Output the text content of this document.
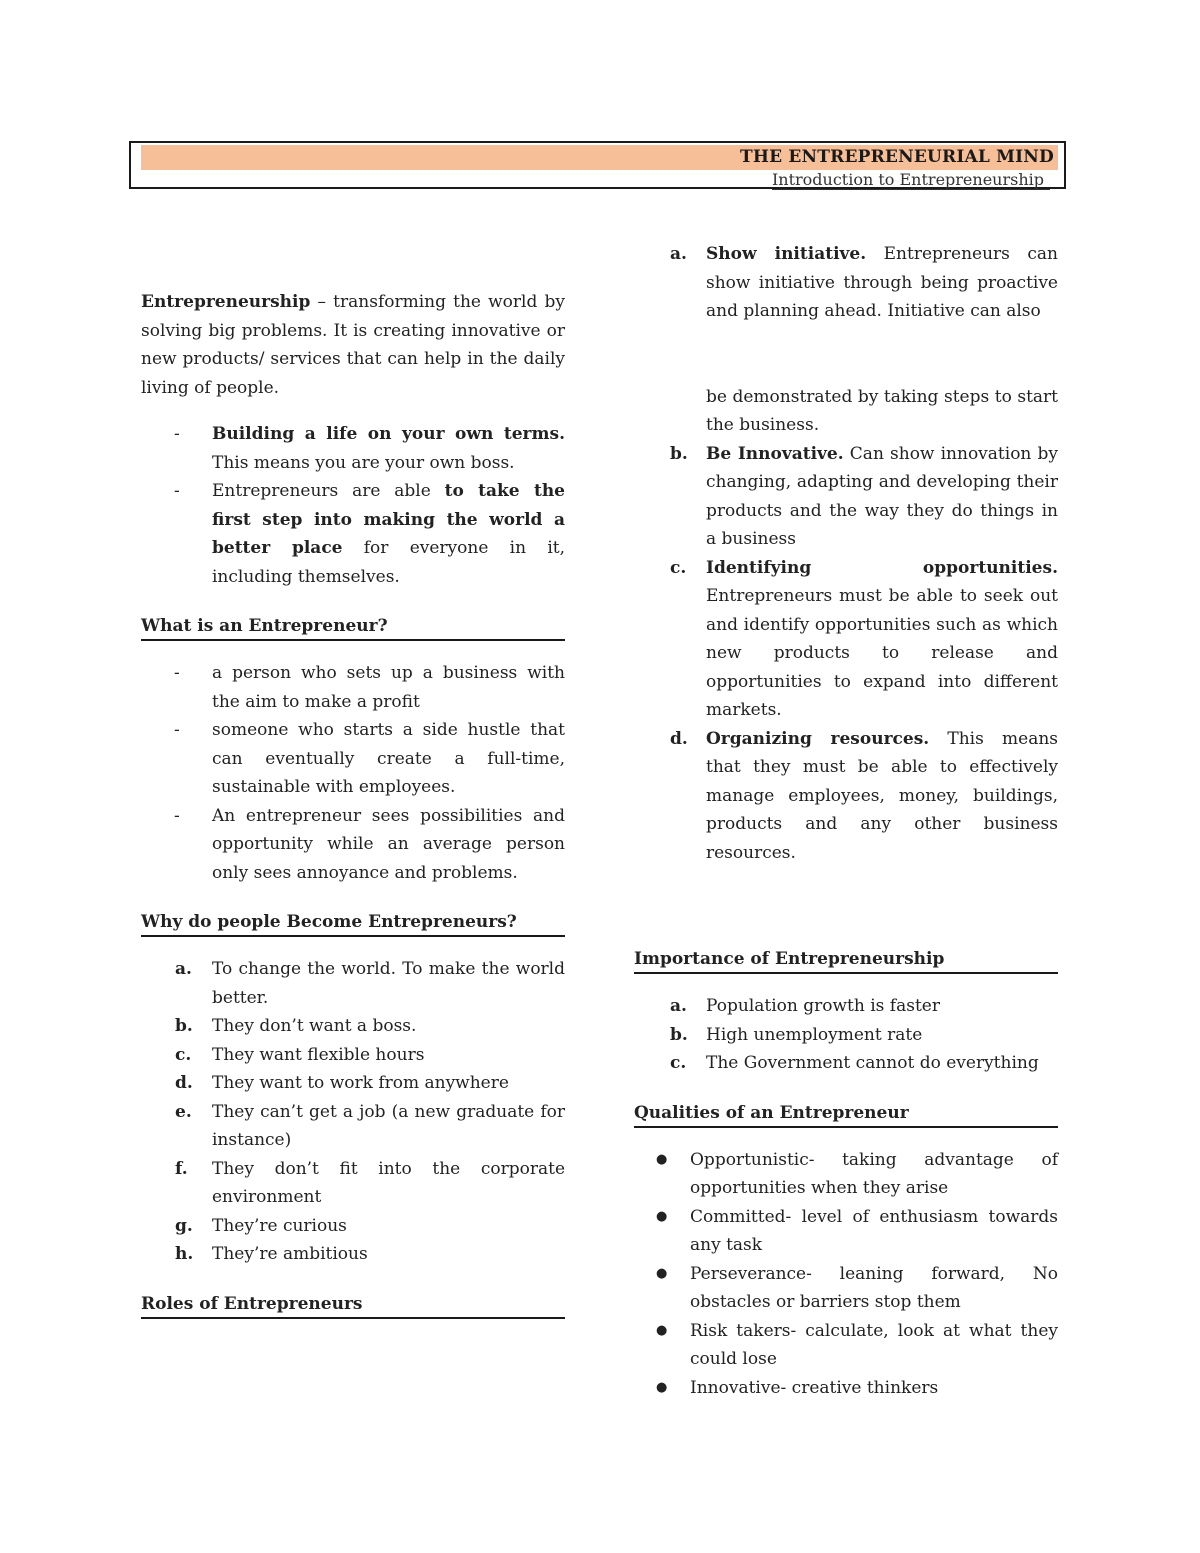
THE ENTREPRENEURIAL MIND
Introduction to Entrepreneurship

Entrepreneurship – transforming the world by solving big problems. It is creating innovative or new products/ services that can help in the daily living of people.

- Building a life on your own terms. This means you are your own boss.
- Entrepreneurs are able to take the first step into making the world a better place for everyone in it, including themselves.
What is an Entrepreneur?
- a person who sets up a business with the aim to make a profit
- someone who starts a side hustle that can eventually create a full-time, sustainable with employees.
- An entrepreneur sees possibilities and opportunity while an average person only sees annoyance and problems.
Why do people Become Entrepreneurs?
a. To change the world. To make the world better.
b. They don’t want a boss.
c. They want flexible hours
d. They want to work from anywhere
e. They can’t get a job (a new graduate for instance)
f. They don’t fit into the corporate environment
g. They’re curious
h. They’re ambitious
Roles of Entrepreneurs
a. Show initiative. Entrepreneurs can show initiative through being proactive and planning ahead. Initiative can also
be demonstrated by taking steps to start the business.
b. Be Innovative. Can show innovation by changing, adapting and developing their products and the way they do things in a business
c. Identifying opportunities. Entrepreneurs must be able to seek out and identify opportunities such as which new products to release and opportunities to expand into different markets.
d. Organizing resources. This means that they must be able to effectively manage employees, money, buildings, products and any other business resources.
Importance of Entrepreneurship
a. Population growth is faster
b. High unemployment rate
c. The Government cannot do everything
Qualities of an Entrepreneur
● Opportunistic- taking advantage of opportunities when they arise
● Committed- level of enthusiasm towards any task
● Perseverance- leaning forward, No obstacles or barriers stop them
● Risk takers- calculate, look at what they could lose
● Innovative- creative thinkers
